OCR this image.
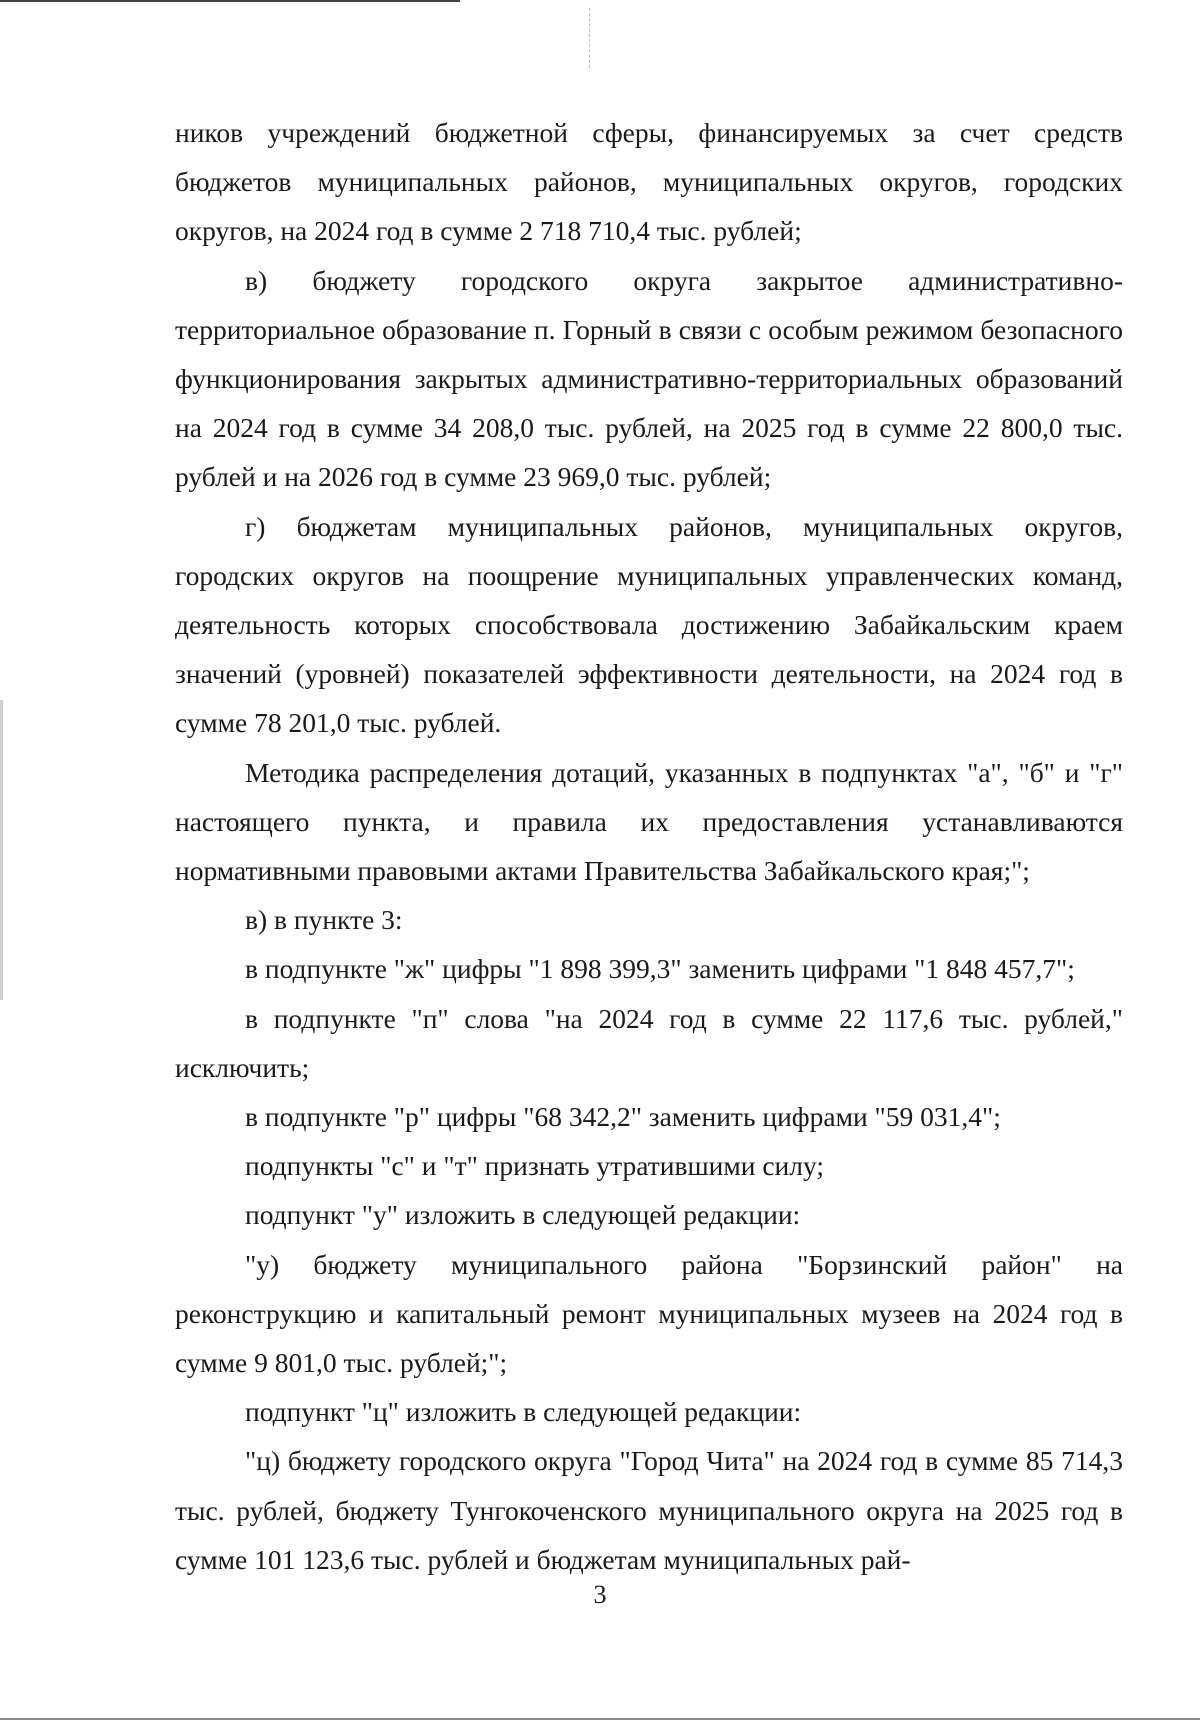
ников учреждений бюджетной сферы, финансируемых за счет средств бюджетов муниципальных районов, муниципальных округов, городских округов, на 2024 год в сумме 2 718 710,4 тыс. рублей;

в) бюджету городского округа закрытое административно-территориальное образование п. Горный в связи с особым режимом безопасного функционирования закрытых административно-территориальных образований на 2024 год в сумме 34 208,0 тыс. рублей, на 2025 год в сумме 22 800,0 тыс. рублей и на 2026 год в сумме 23 969,0 тыс. рублей;

г) бюджетам муниципальных районов, муниципальных округов, городских округов на поощрение муниципальных управленческих команд, деятельность которых способствовала достижению Забайкальским краем значений (уровней) показателей эффективности деятельности, на 2024 год в сумме 78 201,0 тыс. рублей.

Методика распределения дотаций, указанных в подпунктах "а", "б" и "г" настоящего пункта, и правила их предоставления устанавливаются нормативными правовыми актами Правительства Забайкальского края;";

в) в пункте 3:

в подпункте "ж" цифры "1 898 399,3" заменить цифрами "1 848 457,7";

в подпункте "п" слова "на 2024 год в сумме 22 117,6 тыс. рублей," исключить;

в подпункте "р" цифры "68 342,2" заменить цифрами "59 031,4";

подпункты "с" и "т" признать утратившими силу;

подпункт "у" изложить в следующей редакции:

"у) бюджету муниципального района "Борзинский район" на реконструкцию и капитальный ремонт муниципальных музеев на 2024 год в сумме 9 801,0 тыс. рублей;";

подпункт "ц" изложить в следующей редакции:

"ц) бюджету городского округа "Город Чита" на 2024 год в сумме 85 714,3 тыс. рублей, бюджету Тунгокоченского муниципального округа на 2025 год в сумме 101 123,6 тыс. рублей и бюджетам муниципальных рай-

3
